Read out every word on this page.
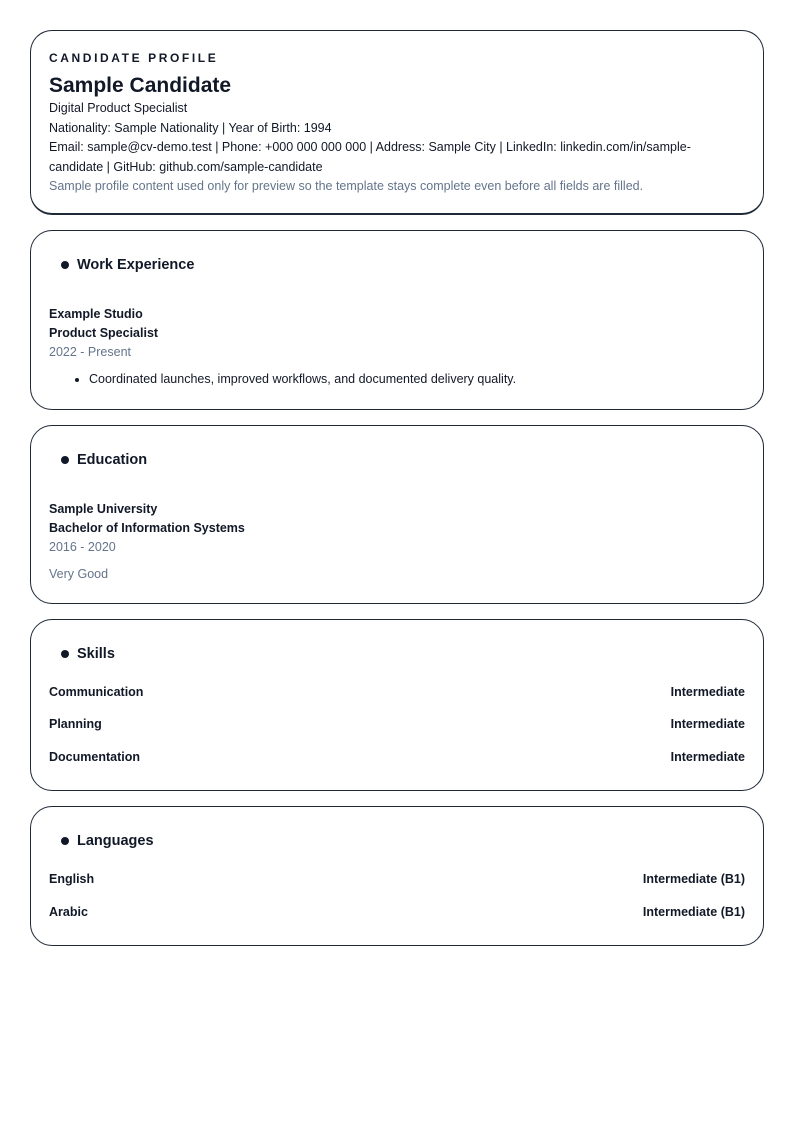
CANDIDATE PROFILE

Sample Candidate

Digital Product Specialist

Nationality: Sample Nationality | Year of Birth: 1994

Email: sample@cv-demo.test | Phone: +000 000 000 000 | Address: Sample City | LinkedIn: linkedin.com/in/sample-candidate | GitHub: github.com/sample-candidate

Sample profile content used only for preview so the template stays complete even before all fields are filled.

Work Experience
Example Studio
Product Specialist
2022 - Present
• Coordinated launches, improved workflows, and documented delivery quality.
Education
Sample University
Bachelor of Information Systems
2016 - 2020
Very Good
Skills
Communication	Intermediate
Planning	Intermediate
Documentation	Intermediate
Languages
English	Intermediate (B1)
Arabic	Intermediate (B1)
